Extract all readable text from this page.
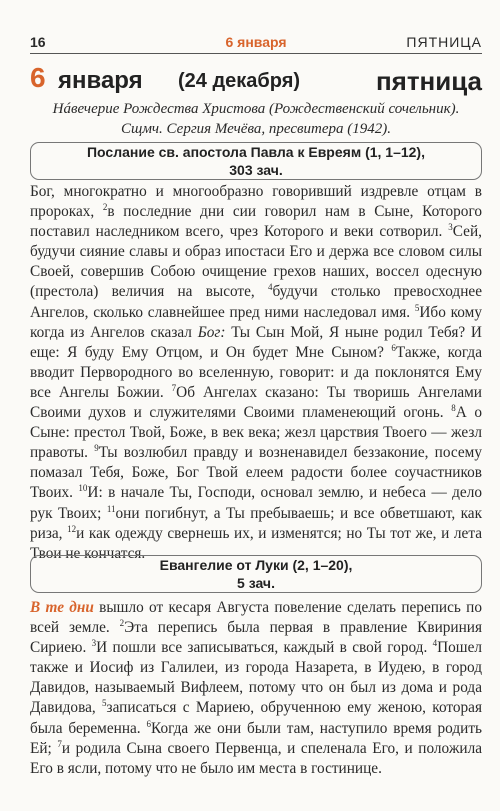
16	6 января	ПЯТНИЦА
6 января (24 декабря)	пятница
Нáвечерие Рождества Христова (Рождественский сочельник).
Сщмч. Сергия Мечёва, пресвитера (1942).
Послание св. апостола Павла к Евреям (1, 1–12),
303 зач.
Бог, многократно и многообразно говоривший издревле отцам в пророках, $^2$в последние дни сии говорил нам в Сыне, Которого поставил наследником всего, чрез Которого и веки сотворил. $^3$Сей, будучи сияние славы и образ ипостаси Его и держа все словом силы Своей, совершив Собою очищение грехов наших, воссел одесную (престола) величия на высоте, $^4$будучи столько превосходнее Ангелов, сколько славнейшее пред ними наследовал имя. $^5$Ибо кому когда из Ангелов сказал Бог: Ты Сын Мой, Я ныне родил Тебя? И еще: Я буду Ему Отцом, и Он будет Мне Сыном? $^6$Также, когда вводит Первородного во вселенную, говорит: и да поклонятся Ему все Ангелы Божии. $^7$Об Ангелах сказано: Ты творишь Ангелами Своими духов и служителями Своими пламенеющий огонь. $^8$А о Сыне: престол Твой, Боже, в век века; жезл царствия Твоего — жезл правоты. $^9$Ты возлюбил правду и возненавидел беззаконие, посему помазал Тебя, Боже, Бог Твой елеем радости более соучастников Твоих. $^{10}$И: в начале Ты, Господи, основал землю, и небеса — дело рук Твоих; $^{11}$они погибнут, а Ты пребываешь; и все обветшают, как риза, $^{12}$и как одежду свернешь их, и изменятся; но Ты тот же, и лета Твои не кончатся.
Евангелие от Луки (2, 1–20),
5 зач.
В те дни вышло от кесаря Августа повеление сделать перепись по всей земле. $^2$Эта перепись была первая в правление Квириния Сириею. $^3$И пошли все записываться, каждый в свой город. $^4$Пошел также и Иосиф из Галилеи, из города Назарета, в Иудею, в город Давидов, называемый Вифлеем, потому что он был из дома и рода Давидова, $^5$записаться с Мариею, обрученною ему женою, которая была беременна. $^6$Когда же они были там, наступило время родить Ей; $^7$и родила Сына своего Первенца, и спеленала Его, и положила Его в ясли, потому что не было им места в гостинице.
